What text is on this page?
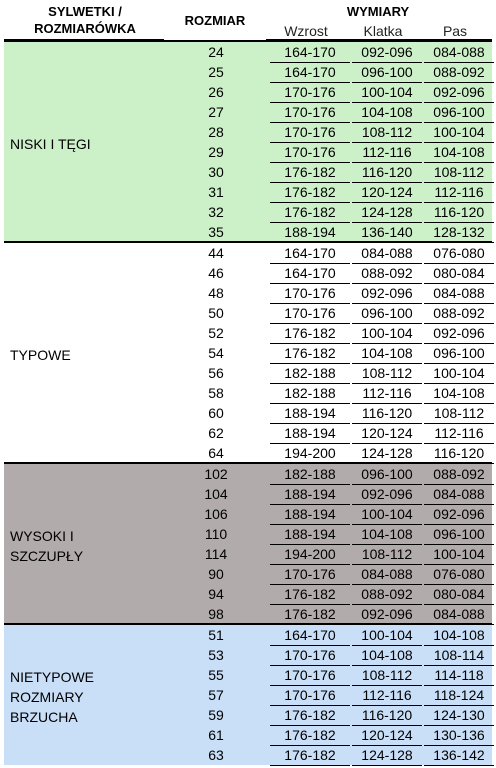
SYLWETKI /
ROZMIARÓWKA
ROZMIAR
WYMIARY
Wzrost	Klatka	Pas
NISKI I TĘGI
24	164-170	092-096	084-088
25	164-170	096-100	088-092
26	170-176	100-104	092-096
27	170-176	104-108	096-100
28	170-176	108-112	100-104
29	170-176	112-116	104-108
30	176-182	116-120	108-112
31	176-182	120-124	112-116
32	176-182	124-128	116-120
35	188-194	136-140	128-132
TYPOWE
44	164-170	084-088	076-080
46	164-170	088-092	080-084
48	170-176	092-096	084-088
50	170-176	096-100	088-092
52	176-182	100-104	092-096
54	176-182	104-108	096-100
56	182-188	108-112	100-104
58	182-188	112-116	104-108
60	188-194	116-120	108-112
62	188-194	120-124	112-116
64	194-200	124-128	116-120
WYSOKI I
SZCZUPŁY
102	182-188	096-100	088-092
104	188-194	092-096	084-088
106	188-194	100-104	092-096
110	188-194	104-108	096-100
114	194-200	108-112	100-104
90	170-176	084-088	076-080
94	176-182	088-092	080-084
98	176-182	092-096	084-088
NIETYPOWE
ROZMIARY
BRZUCHA
51	164-170	100-104	104-108
53	170-176	104-108	108-114
55	170-176	108-112	114-118
57	170-176	112-116	118-124
59	176-182	116-120	124-130
61	176-182	120-124	130-136
63	176-182	124-128	136-142
